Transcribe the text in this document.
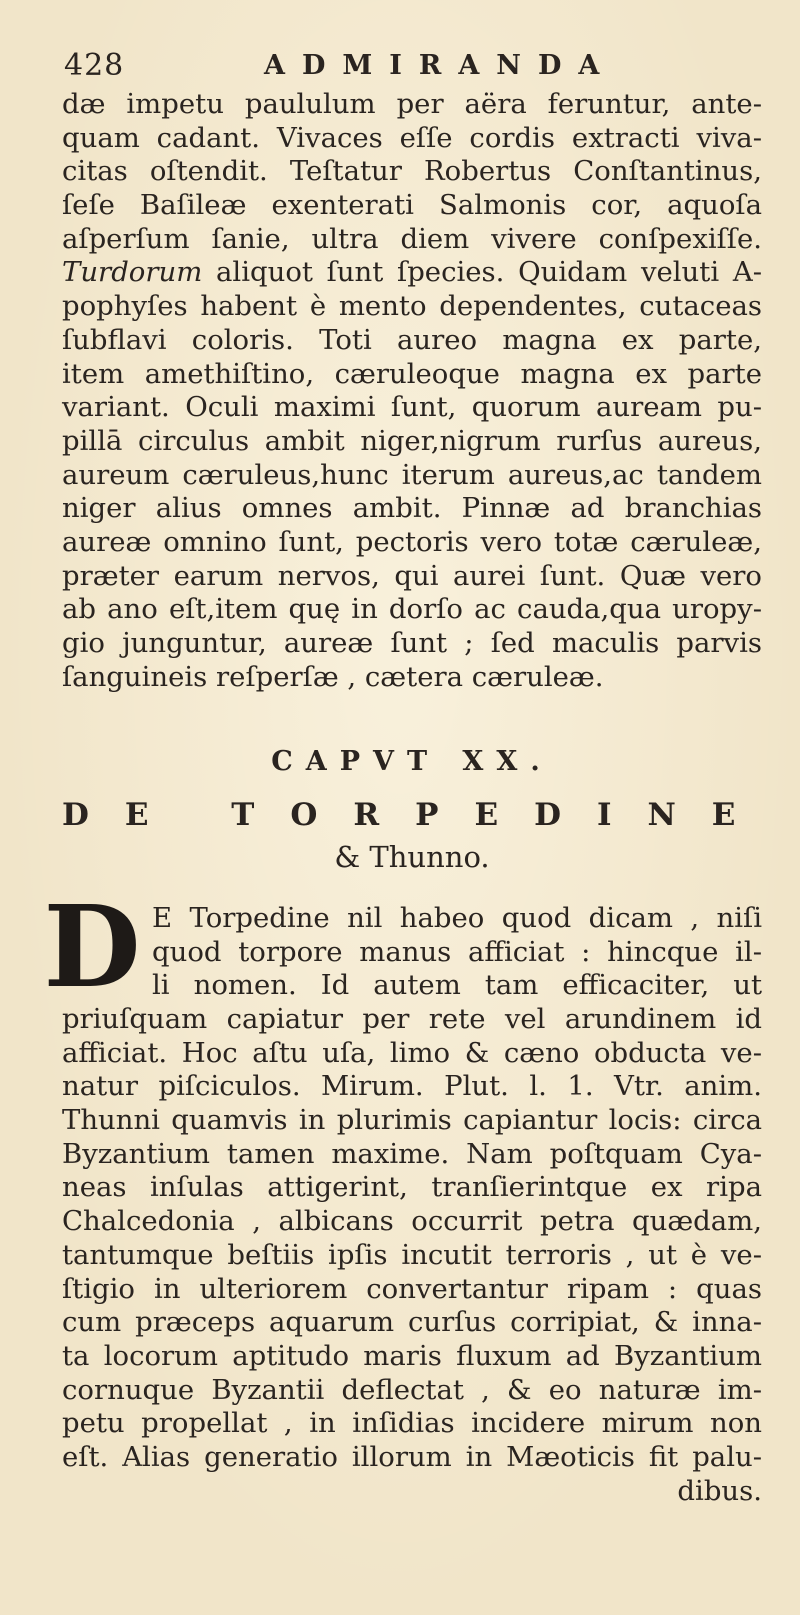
428	ADMIRANDA
dæ impetu paululum per aëra feruntur, ante-
quam cadant. Vivaces eſſe cordis extracti viva-
citas oſtendit. Teſtatur Robertus Conſtantinus,
ſeſe Baſileæ exenterati Salmonis cor, aquoſa
aſperſum ſanie, ultra diem vivere conſpexiſſe.
Turdorum aliquot ſunt ſpecies. Quidam veluti A-
pophyſes habent è mento dependentes, cutaceas
ſubflavi coloris. Toti aureo magna ex parte,
item amethiſtino, cæruleoque magna ex parte
variant. Oculi maximi ſunt, quorum auream pu-
pillā circulus ambit niger,nigrum rurſus aureus,
aureum cæruleus,hunc iterum aureus,ac tandem
niger alius omnes ambit. Pinnæ ad branchias
aureæ omnino ſunt, pectoris vero totæ cæruleæ,
præter earum nervos, qui aurei ſunt. Quæ vero
ab ano eſt,item quę in dorſo ac cauda,qua uropy-
gio junguntur, aureæ ſunt ; ſed maculis parvis
ſanguineis reſperſæ , cætera cæruleæ.
CAPVT XX.
DE TORPEDINE
& Thunno.
D E Torpedine nil habeo quod dicam , niſi
quod torpore manus afficiat : hincque il-
li nomen. Id autem tam efficaciter, ut
priuſquam capiatur per rete vel arundinem id
afficiat. Hoc aſtu uſa, limo & cæno obducta ve-
natur piſciculos. Mirum. Plut. l. 1. Vtr. anim.
Thunni quamvis in plurimis capiantur locis: circa
Byzantium tamen maxime. Nam poſtquam Cya-
neas inſulas attigerint, tranſierintque ex ripa
Chalcedonia , albicans occurrit petra quædam,
tantumque beſtiis ipſis incutit terroris , ut è ve-
ſtigio in ulteriorem convertantur ripam : quas
cum præceps aquarum curſus corripiat, & inna-
ta locorum aptitudo maris fluxum ad Byzantium
cornuque Byzantii deflectat , & eo naturæ im-
petu propellat , in inſidias incidere mirum non
eſt. Alias generatio illorum in Mæoticis fit palu-
dibus.
